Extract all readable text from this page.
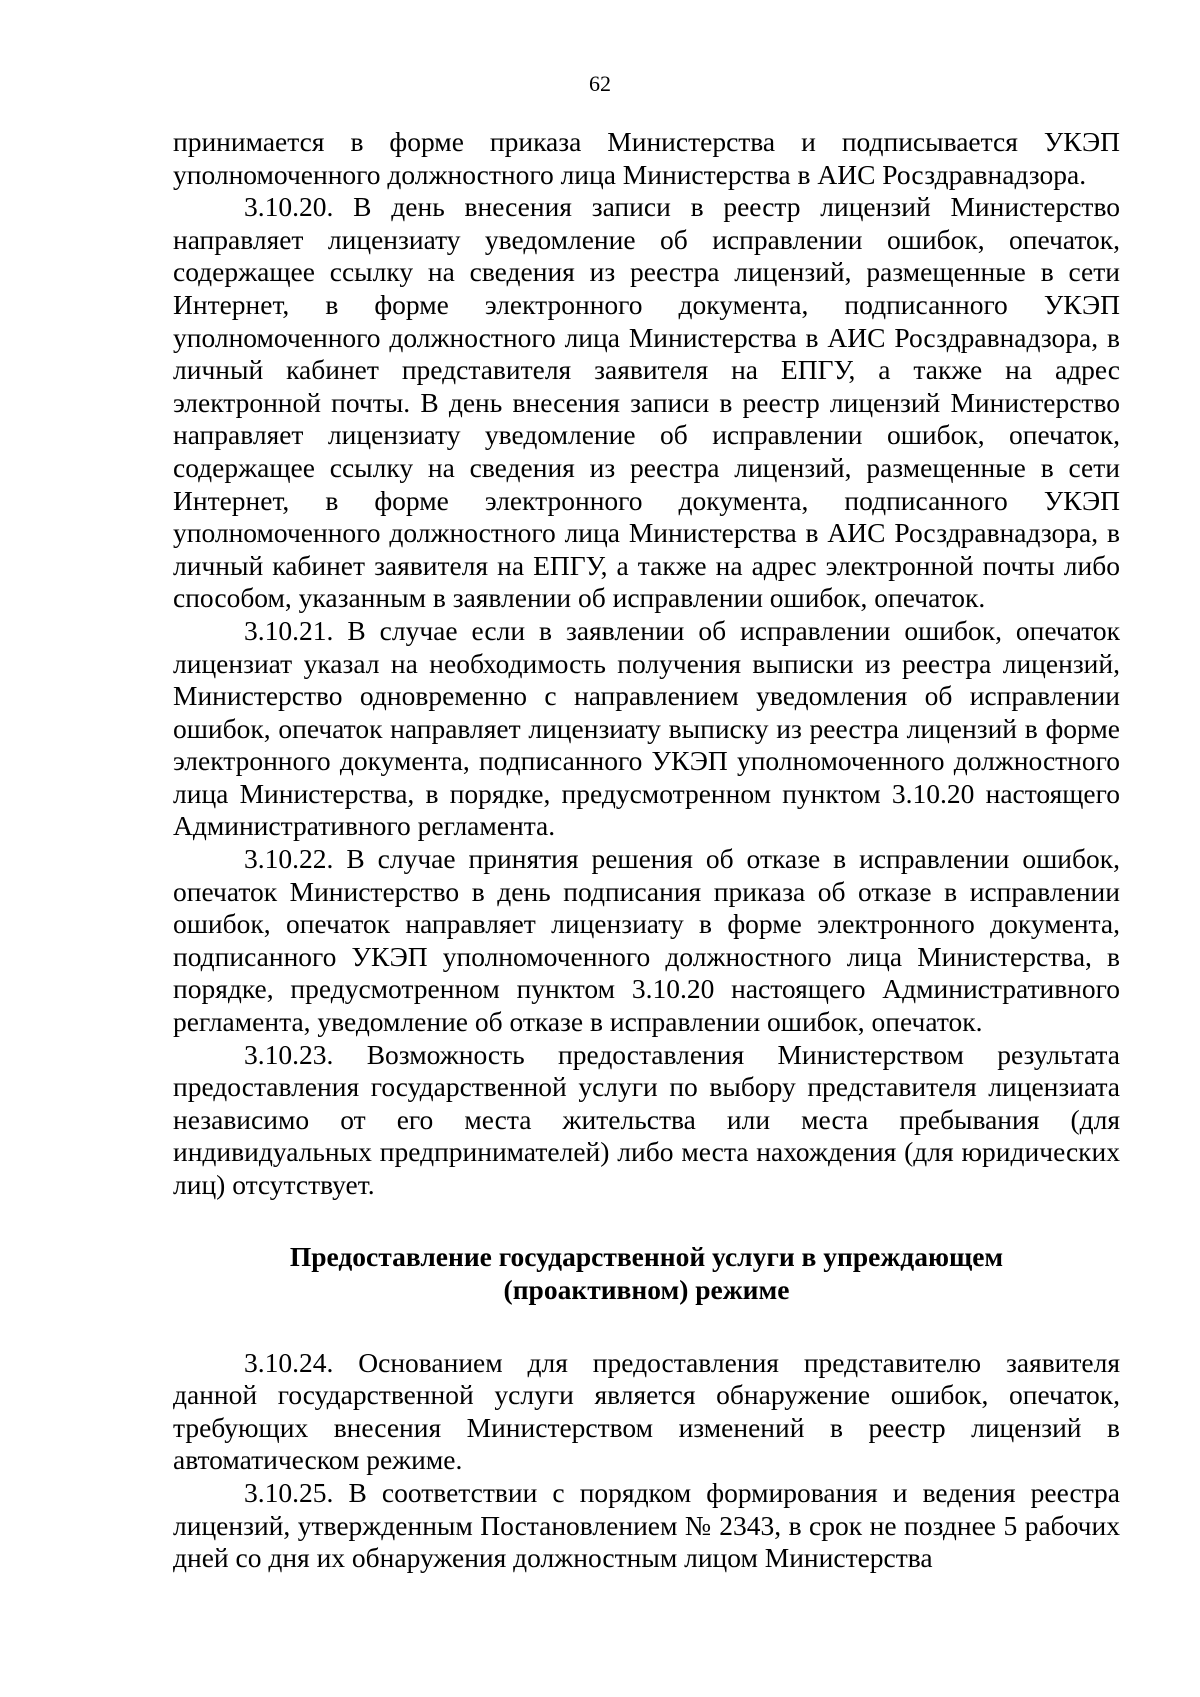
62

принимается в форме приказа Министерства и подписывается УКЭП уполномоченного должностного лица Министерства в АИС Росздравнадзора.

3.10.20. В день внесения записи в реестр лицензий Министерство направляет лицензиату уведомление об исправлении ошибок, опечаток, содержащее ссылку на сведения из реестра лицензий, размещенные в сети Интернет, в форме электронного документа, подписанного УКЭП уполномоченного должностного лица Министерства в АИС Росздравнадзора, в личный кабинет представителя заявителя на ЕПГУ, а также на адрес электронной почты. В день внесения записи в реестр лицензий Министерство направляет лицензиату уведомление об исправлении ошибок, опечаток, содержащее ссылку на сведения из реестра лицензий, размещенные в сети Интернет, в форме электронного документа, подписанного УКЭП уполномоченного должностного лица Министерства в АИС Росздравнадзора, в личный кабинет заявителя на ЕПГУ, а также на адрес электронной почты либо способом, указанным в заявлении об исправлении ошибок, опечаток.

3.10.21. В случае если в заявлении об исправлении ошибок, опечаток лицензиат указал на необходимость получения выписки из реестра лицензий, Министерство одновременно с направлением уведомления об исправлении ошибок, опечаток направляет лицензиату выписку из реестра лицензий в форме электронного документа, подписанного УКЭП уполномоченного должностного лица Министерства, в порядке, предусмотренном пунктом 3.10.20 настоящего Административного регламента.

3.10.22. В случае принятия решения об отказе в исправлении ошибок, опечаток Министерство в день подписания приказа об отказе в исправлении ошибок, опечаток направляет лицензиату в форме электронного документа, подписанного УКЭП уполномоченного должностного лица Министерства, в порядке, предусмотренном пунктом 3.10.20 настоящего Административного регламента, уведомление об отказе в исправлении ошибок, опечаток.

3.10.23. Возможность предоставления Министерством результата предоставления государственной услуги по выбору представителя лицензиата независимо от его места жительства или места пребывания (для индивидуальных предпринимателей) либо места нахождения (для юридических лиц) отсутствует.

Предоставление государственной услуги в упреждающем
(проактивном) режиме

3.10.24. Основанием для предоставления представителю заявителя данной государственной услуги является обнаружение ошибок, опечаток, требующих внесения Министерством изменений в реестр лицензий в автоматическом режиме.

3.10.25. В соответствии с порядком формирования и ведения реестра лицензий, утвержденным Постановлением № 2343, в срок не позднее 5 рабочих дней со дня их обнаружения должностным лицом Министерства
